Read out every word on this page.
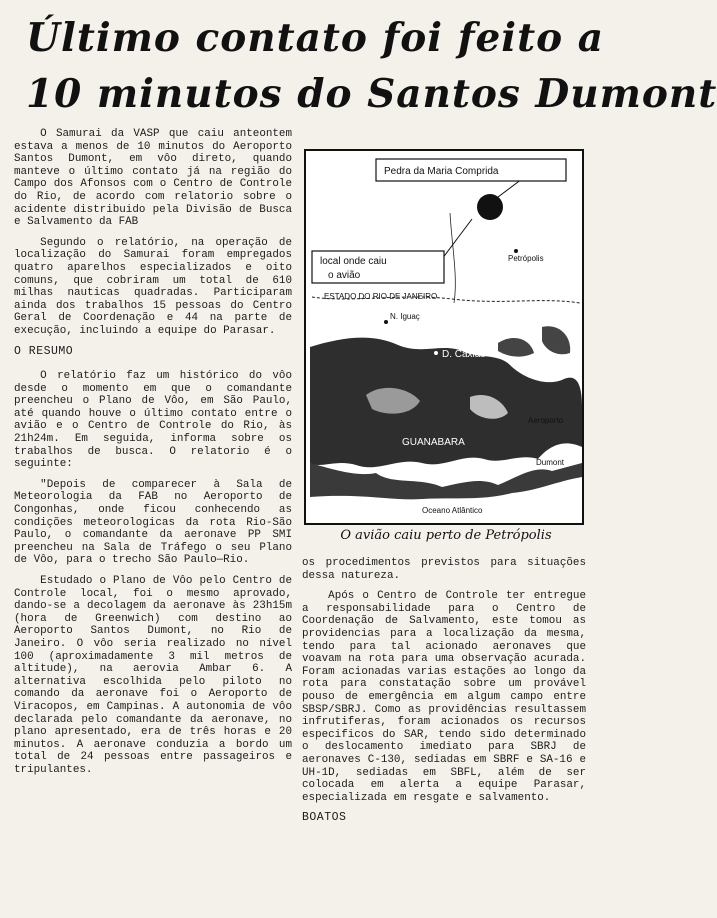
Último contato foi feito a
10 minutos do Santos Dumont

O Samurai da VASP que caiu anteontem estava a menos de 10 minutos do Aeroporto Santos Dumont, em vôo direto, quando manteve o último contato já na região do Campo dos Afonsos com o Centro de Controle do Rio, de acordo com relatorio sobre o acidente distribuido pela Divisão de Busca e Salvamento da FAB

Segundo o relatório, na operação de localização do Samurai foram empregados quatro aparelhos especializados e oito comuns, que cobriram um total de 610 milhas nauticas quadradas. Participaram ainda dos trabalhos 15 pessoas do Centro Geral de Coordenação e 44 na parte de execução, incluindo a equipe do Parasar.

O RESUMO

O relatório faz um histórico do vôo desde o momento em que o comandante preencheu o Plano de Vôo, em São Paulo, até quando houve o último contato entre o avião e o Centro de Controle do Rio, às 21h24m. Em seguida, informa sobre os trabalhos de busca. O relatorio é o seguinte:

"Depois de comparecer à Sala de Meteorologia da FAB no Aeroporto de Congonhas, onde ficou conhecendo as condições meteorologicas da rota Rio-São Paulo, o comandante da aeronave PP SMI preencheu na Sala de Tráfego o seu Plano de Vôo, para o trecho São Paulo—Rio.

Estudado o Plano de Vôo pelo Centro de Controle local, foi o mesmo aprovado, dando-se a decolagem da aeronave às 23h15m (hora de Greenwich) com destino ao Aeroporto Santos Dumont, no Rio de Janeiro. O vôo seria realizado no nível 100 (aproximadamente 3 mil metros de altitude), na aerovia Ambar 6. A alternativa escolhida pelo piloto no comando da aeronave foi o Aeroporto de Viracopos, em Campinas. A autonomia de vôo declarada pelo comandante da aeronave, no plano apresentado, era de três horas e 20 minutos. A aeronave conduzia a bordo um total de 24 pessoas entre passageiros e tripulantes.

Pedra da Maria Comprida
local onde caiu
o avião
Petrópolis
ESTADO DO RIO DE JANEIRO
N. Iguaç
D. Caxias
GUANABARA
Aeroporto
Dumont
Oceano Atlântico
O avião caiu perto de Petrópolis

os procedimentos previstos para situações dessa natureza.

Após o Centro de Controle ter entregue a responsabilidade para o Centro de Coordenação de Salvamento, este tomou as providencias para a localização da mesma, tendo para tal acionado aeronaves que voavam na rota para uma observação acurada. Foram acionadas varias estações ao longo da rota para constatação sobre um provável pouso de emergência em algum campo entre SBSP/SBRJ. Como as providências resultassem infrutiferas, foram acionados os recursos especificos do SAR, tendo sido determinado o deslocamento imediato para SBRJ de aeronaves C-130, sediadas em SBRF e SA-16 e UH-1D, sediadas em SBFL, além de ser colocada em alerta a equipe Parasar, especializada em resgate e salvamento.

BOATOS
